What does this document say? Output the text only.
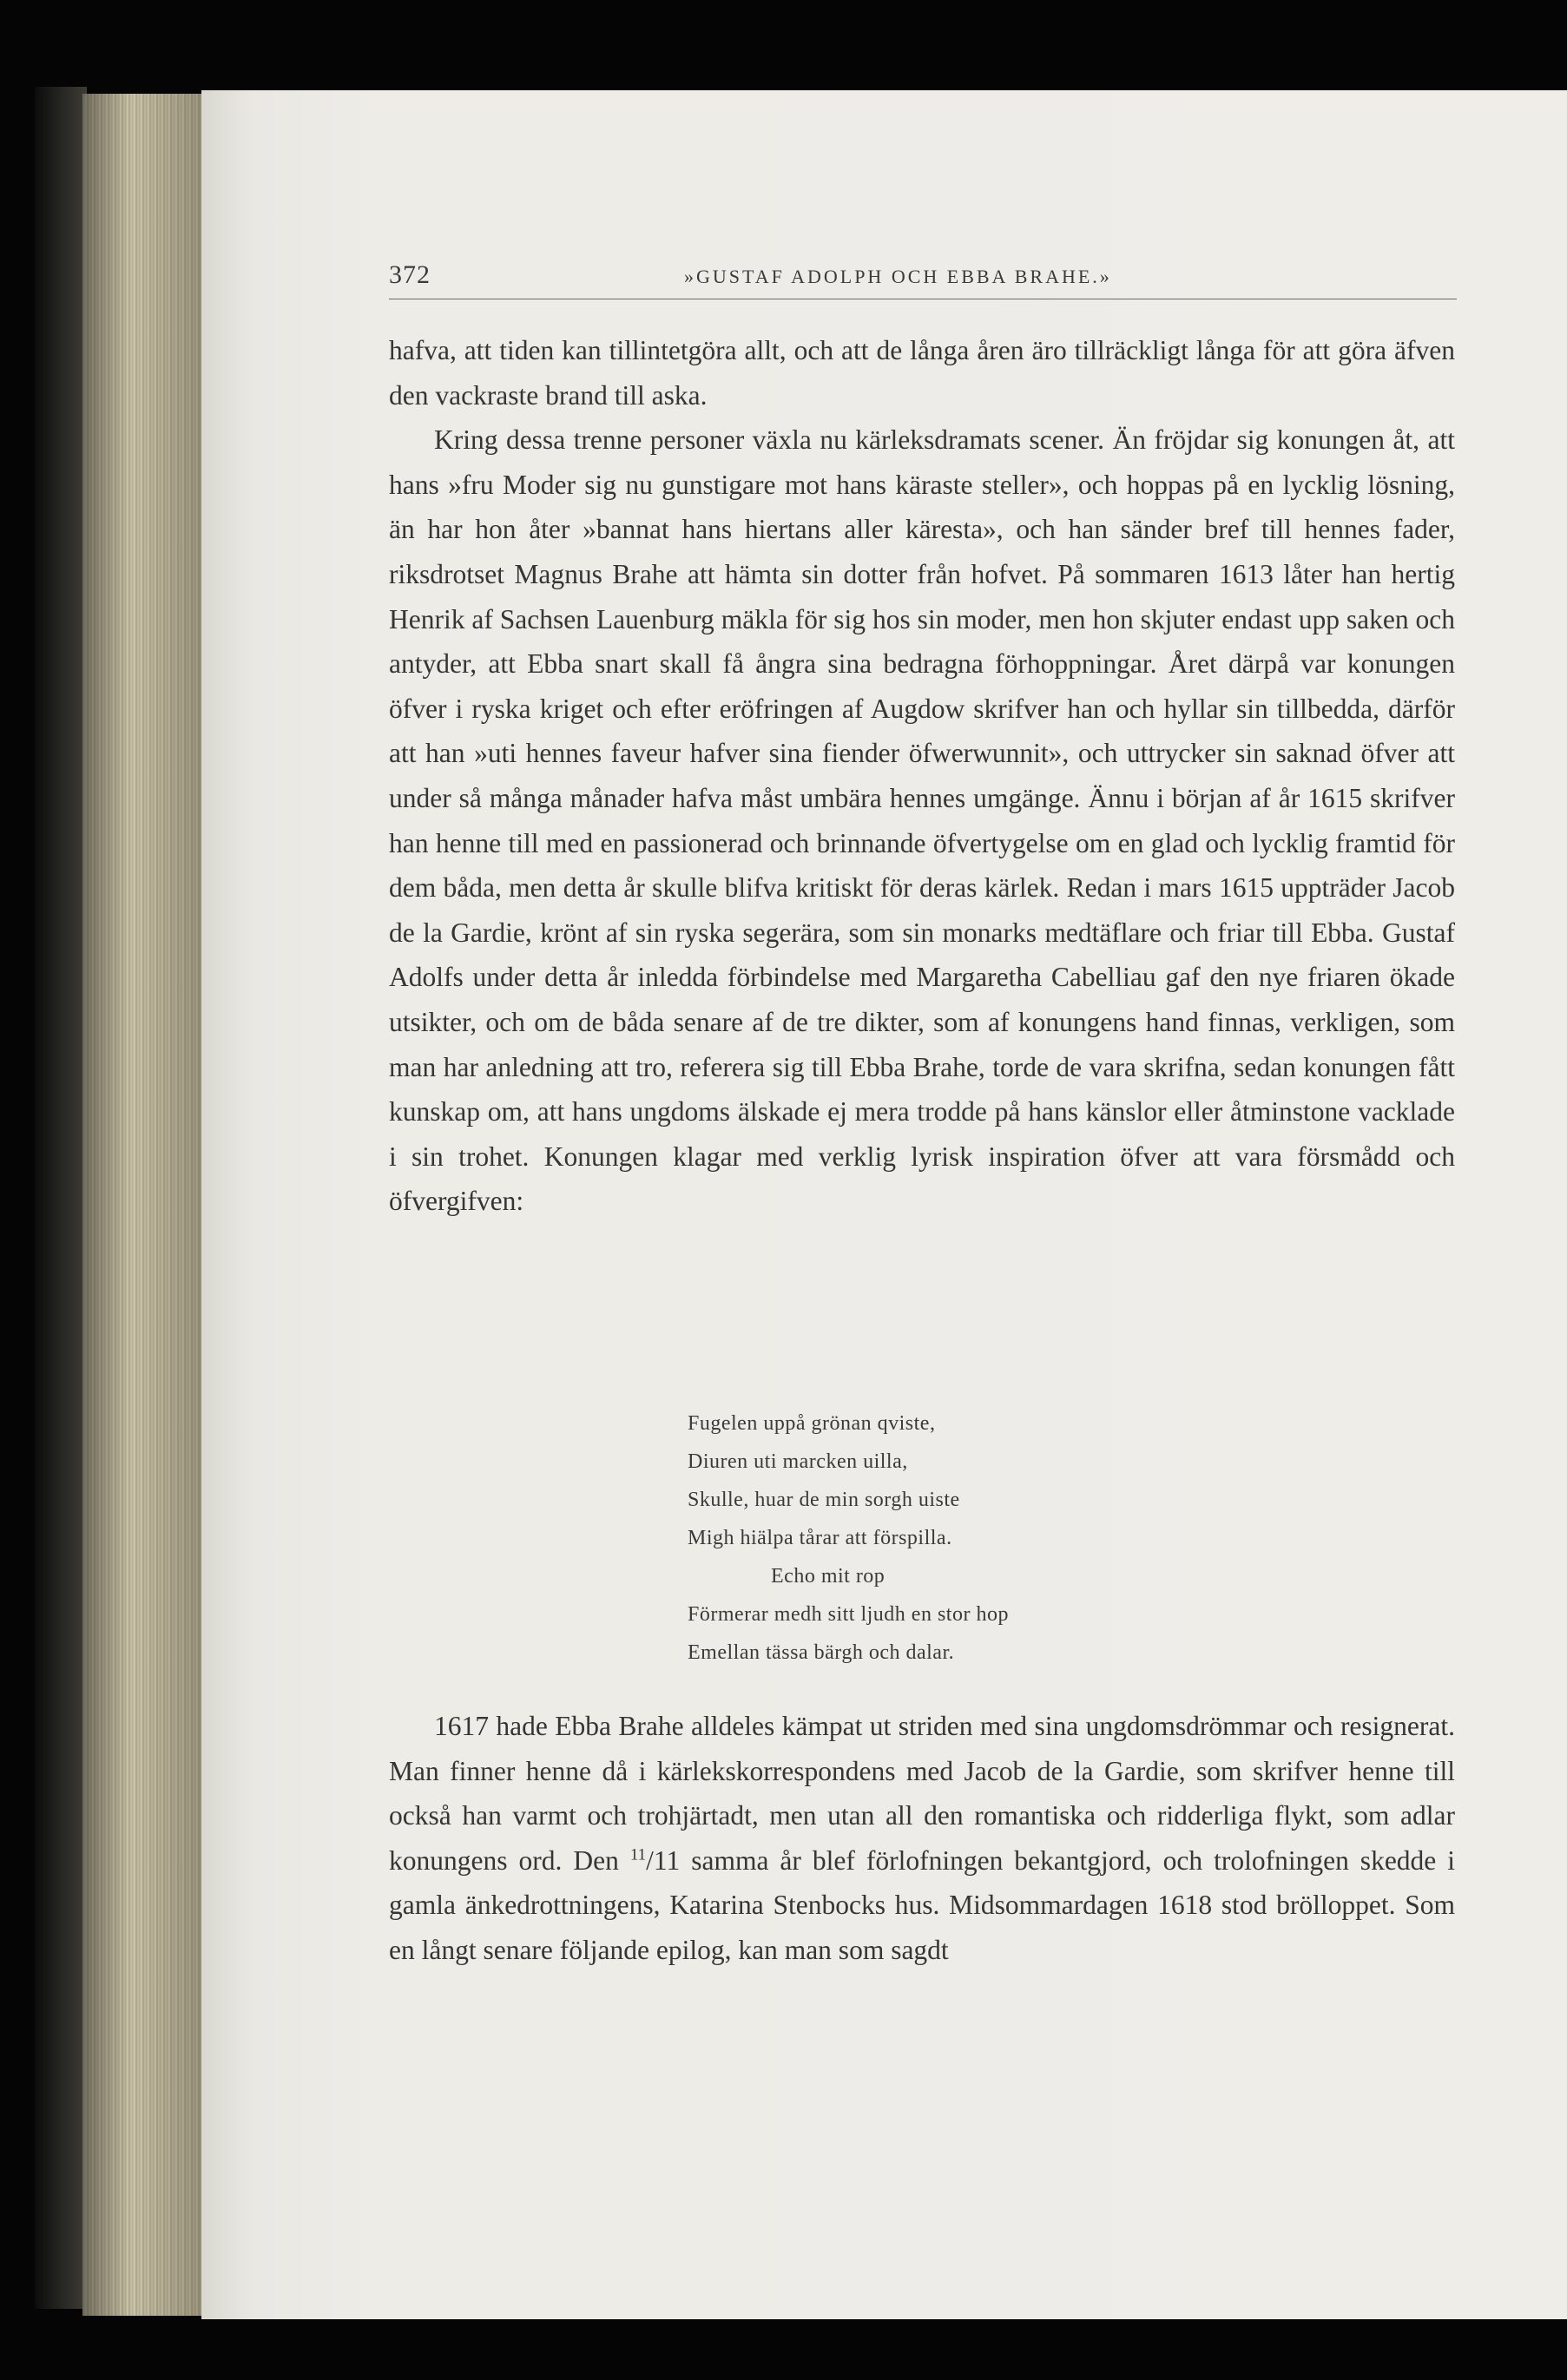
372	»GUSTAF ADOLPH OCH EBBA BRAHE.»

hafva, att tiden kan tillintetgöra allt, och att de långa åren äro tillräckligt långa för att göra äfven den vackraste brand till aska.

Kring dessa trenne personer växla nu kärleksdramats scener. Än fröjdar sig konungen åt, att hans »fru Moder sig nu gunstigare mot hans käraste steller», och hoppas på en lycklig lösning, än har hon åter »bannat hans hiertans aller käresta», och han sänder bref till hennes fader, riksdrotset Magnus Brahe att hämta sin dotter från hofvet. På sommaren 1613 låter han hertig Henrik af Sachsen Lauenburg mäkla för sig hos sin moder, men hon skjuter endast upp saken och antyder, att Ebba snart skall få ångra sina bedragna förhoppningar. Året därpå var konungen öfver i ryska kriget och efter eröfringen af Augdow skrifver han och hyllar sin tillbedda, därför att han »uti hennes faveur hafver sina fiender öfwerwunnit», och uttrycker sin saknad öfver att under så många månader hafva måst umbära hennes umgänge. Ännu i början af år 1615 skrifver han henne till med en passionerad och brinnande öfvertygelse om en glad och lycklig framtid för dem båda, men detta år skulle blifva kritiskt för deras kärlek. Redan i mars 1615 uppträder Jacob de la Gardie, krönt af sin ryska segerära, som sin monarks medtäflare och friar till Ebba. Gustaf Adolfs under detta år inledda förbindelse med Margaretha Cabelliau gaf den nye friaren ökade utsikter, och om de båda senare af de tre dikter, som af konungens hand finnas, verkligen, som man har anledning att tro, referera sig till Ebba Brahe, torde de vara skrifna, sedan konungen fått kunskap om, att hans ungdoms älskade ej mera trodde på hans känslor eller åtminstone vacklade i sin trohet. Konungen klagar med verklig lyrisk inspiration öfver att vara försmådd och öfvergifven:

Fugelen uppå grönan qviste,
Diuren uti marcken uilla,
Skulle, huar de min sorgh uiste
Migh hiälpa tårar att förspilla.
Echo mit rop
Förmerar medh sitt ljudh en stor hop
Emellan tässa bärgh och dalar.

1617 hade Ebba Brahe alldeles kämpat ut striden med sina ungdomsdrömmar och resignerat. Man finner henne då i kärlekskorrespondens med Jacob de la Gardie, som skrifver henne till också han varmt och trohjärtadt, men utan all den romantiska och ridderliga flykt, som adlar konungens ord. Den $^{11}$/11 samma år blef förlofningen bekantgjord, och trolofningen skedde i gamla änkedrottningens, Katarina Stenbocks hus. Midsommardagen 1618 stod brölloppet. Som en långt senare följande epilog, kan man som sagdt
